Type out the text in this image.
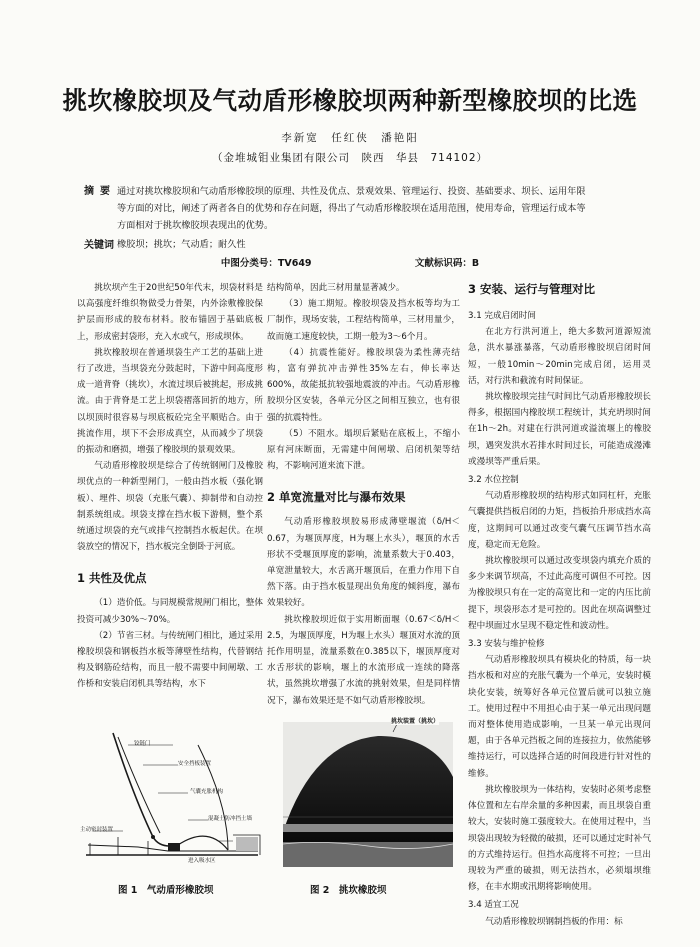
挑坎橡胶坝及气动盾形橡胶坝两种新型橡胶坝的比选
李新宽　任红侠　潘艳阳
（金堆城钼业集团有限公司　陕西　华县　714102）
摘要 通过对挑坎橡胶坝和气动盾形橡胶坝的原理、共性及优点、景观效果、管理运行、投资、基础要求、坝长、运用年限等方面的对比，阐述了两者各自的优势和存在问题，得出了气动盾形橡胶坝在适用范围，使用寿命，管理运行成本等方面相对于挑坎橡胶坝表现出的优势。
关键词 橡胶坝；挑坎；气动盾；耐久性
中图分类号：TV649	文献标识码：B

挑坎坝产生于20世纪50年代末，坝袋材料是以高强度纤维织物做受力骨架，内外涂敷橡胶保护层而形成的胶布材料。胶布锚固于基础底板上，形成密封袋形，充入水或气，形成坝体。

挑坎橡胶坝在普通坝袋生产工艺的基础上进行了改进，当坝袋充分鼓起时，下游中间高度形成一道背脊（挑坎），水流过坝后被挑起，形成挑流。由于背脊是工艺上坝袋褶落回折的地方，所以坝顶时很容易与坝底板砼完全平顺贴合。由于挑流作用，坝下不会形成真空，从而减少了坝袋的振动和磨损，增强了橡胶坝的景观效果。

气动盾形橡胶坝是综合了传统钢闸门及橡胶坝优点的一种新型闸门，一般由挡水板（强化钢板）、埋件、坝袋（充胀气囊）、抑制带和自动控制系统组成。坝袋支撑在挡水板下游侧，整个系统通过坝袋的充气或排气控制挡水板起伏。在坝袋放空的情况下，挡水板完全倒卧于河底。

1 共性及优点

（1）造价低。与同规模常规闸门相比，整体投资可减少30%～70%。

（2）节省三材。与传统闸门相比，通过采用橡胶坝袋和钢板挡水板等薄壁性结构，代替钢结构及钢筋砼结构，而且一般不需要中间闸墩、工作桥和安装启闭机具等结构，水下

结构简单，因此三材用量显著减少。

（3）施工期短。橡胶坝袋及挡水板等均为工厂制作，现场安装，工程结构简单，三材用量少，故而施工速度较快，工期一般为3～6个月。

（4）抗震性能好。橡胶坝袋为柔性薄壳结构，富有弹抗冲击弹性35%左右，伸长率达600%，故能抵抗较强地震波的冲击。气动盾形橡胶坝分区安装，各单元分区之间相互独立，也有很强的抗震特性。

（5）不阻水。塌坝后紧贴在底板上，不缩小原有河床断面，无需建中间闸墩、启闭机架等结构，不影响河道来流下泄。

2 单宽流量对比与瀑布效果

气动盾形橡胶坝胶易形成薄壁堰流（δ/H＜0.67，为堰顶厚度，H为堰上水头），堰顶的水舌形状不受堰顶厚度的影响，流量系数大于0.403，单宽泄量较大，水舌离开堰顶后，在重力作用下自然下落。由于挡水板显现出负角度的倾斜度，瀑布效果较好。

挑坎橡胶坝近似于实用断面堰（0.67＜δ/H＜2.5，为堰顶厚度，H为堰上水头）堰顶对水流的顶托作用明显，流量系数在0.385以下，堰顶厚度对水舌形状的影响，堰上的水流形成一连续的降落状，虽然挑坎增强了水流的挑射效果，但是同样情况下，瀑布效果还是不如气动盾形橡胶坝。

3 安装、运行与管理对比

3.1 完成启闭时间

在北方行洪河道上，绝大多数河道源短流急，洪水暴涨暴落，气动盾形橡胶坝启闭时间短，一般10min～20min完成启闭，运用灵活，对行洪和截流有时间保证。

挑坎橡胶坝完挂气时间比气动盾形橡胶坝长得多，根据国内橡胶坝工程统计，其充坍坝时间在1h～2h。对建在行洪河道或溢流堰上的橡胶坝，遇突发洪水若排水时间过长，可能造成漫滩或漫坝等严重后果。

3.2 水位控制

气动盾形橡胶坝的结构形式如同杠杆，充胀气囊提供挡板启闭的力矩，挡板抬升形成挡水高度，这期间可以通过改变气囊气压调节挡水高度，稳定而无危险。

挑坎橡胶坝可以通过改变坝袋内填充介质的多少来调节坝高，不过此高度可调但不可控。因为橡胶坝只有在一定的高宽比和一定的内压比前提下，坝袋形态才是可控的。因此在坝高调整过程中坝面过水呈现不稳定性和波动性。

3.3 安装与维护检修

气动盾形橡胶坝具有模块化的特质，每一块挡水板和对应的充胀气囊为一个单元，安装时模块化安装，统筹好各单元位置后就可以独立施工。使用过程中不用担心由于某一单元出现问题而对整体使用造成影响，一旦某一单元出现问题，由于各单元挡板之间的连接拉力，依然能够维持运行，可以选择合适的时间段进行针对性的维修。

挑坎橡胶坝为一体结构，安装时必须考虑整体位置和左右岸余量的多种因素，而且坝袋自重较大，安装时施工强度较大。在使用过程中，当坝袋出现较为轻微的破损，还可以通过定时补气的方式维持运行。但挡水高度将不可控；一旦出现较为严重的破损，则无法挡水，必须塌坝维修，在丰水期或汛期将影响使用。

3.4 适宜工况

气动盾形橡胶坝钢制挡板的作用：标

铰链门
安全挡板装置
气囊充胀机构
混凝土防冲挡土墙
主动密封装置
进入吸水区
图 1　气动盾形橡胶坝
挑坎装置（挑坎）
图 2　挑坎橡胶坝
